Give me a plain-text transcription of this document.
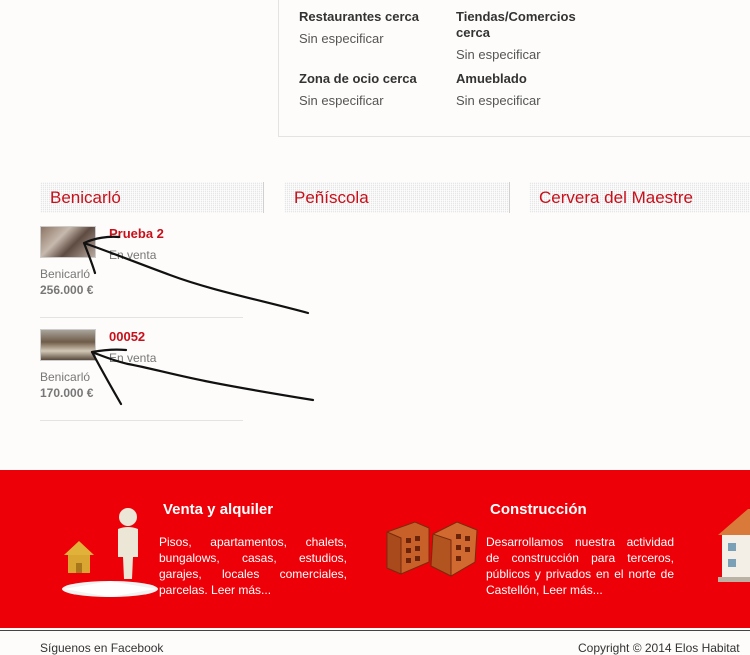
Restaurantes cerca
Sin especificar
Tiendas/Comercios cerca
Sin especificar
Zona de ocio cerca
Sin especificar
Amueblado
Sin especificar
Benicarló	Peñíscola	Cervera del Maestre
Prueba 2
En venta
Benicarló
256.000 €
00052
En venta
Benicarló
170.000 €
Venta y alquiler
Pisos, apartamentos, chalets, bungalows, casas, estudios, garajes, locales comerciales, parcelas. Leer más...
Construcción
Desarrollamos nuestra actividad de construcción para terceros, públicos y privados en el norte de Castellón, Leer más...
Síguenos en Facebook	Copyright © 2014 Elos Habitat
